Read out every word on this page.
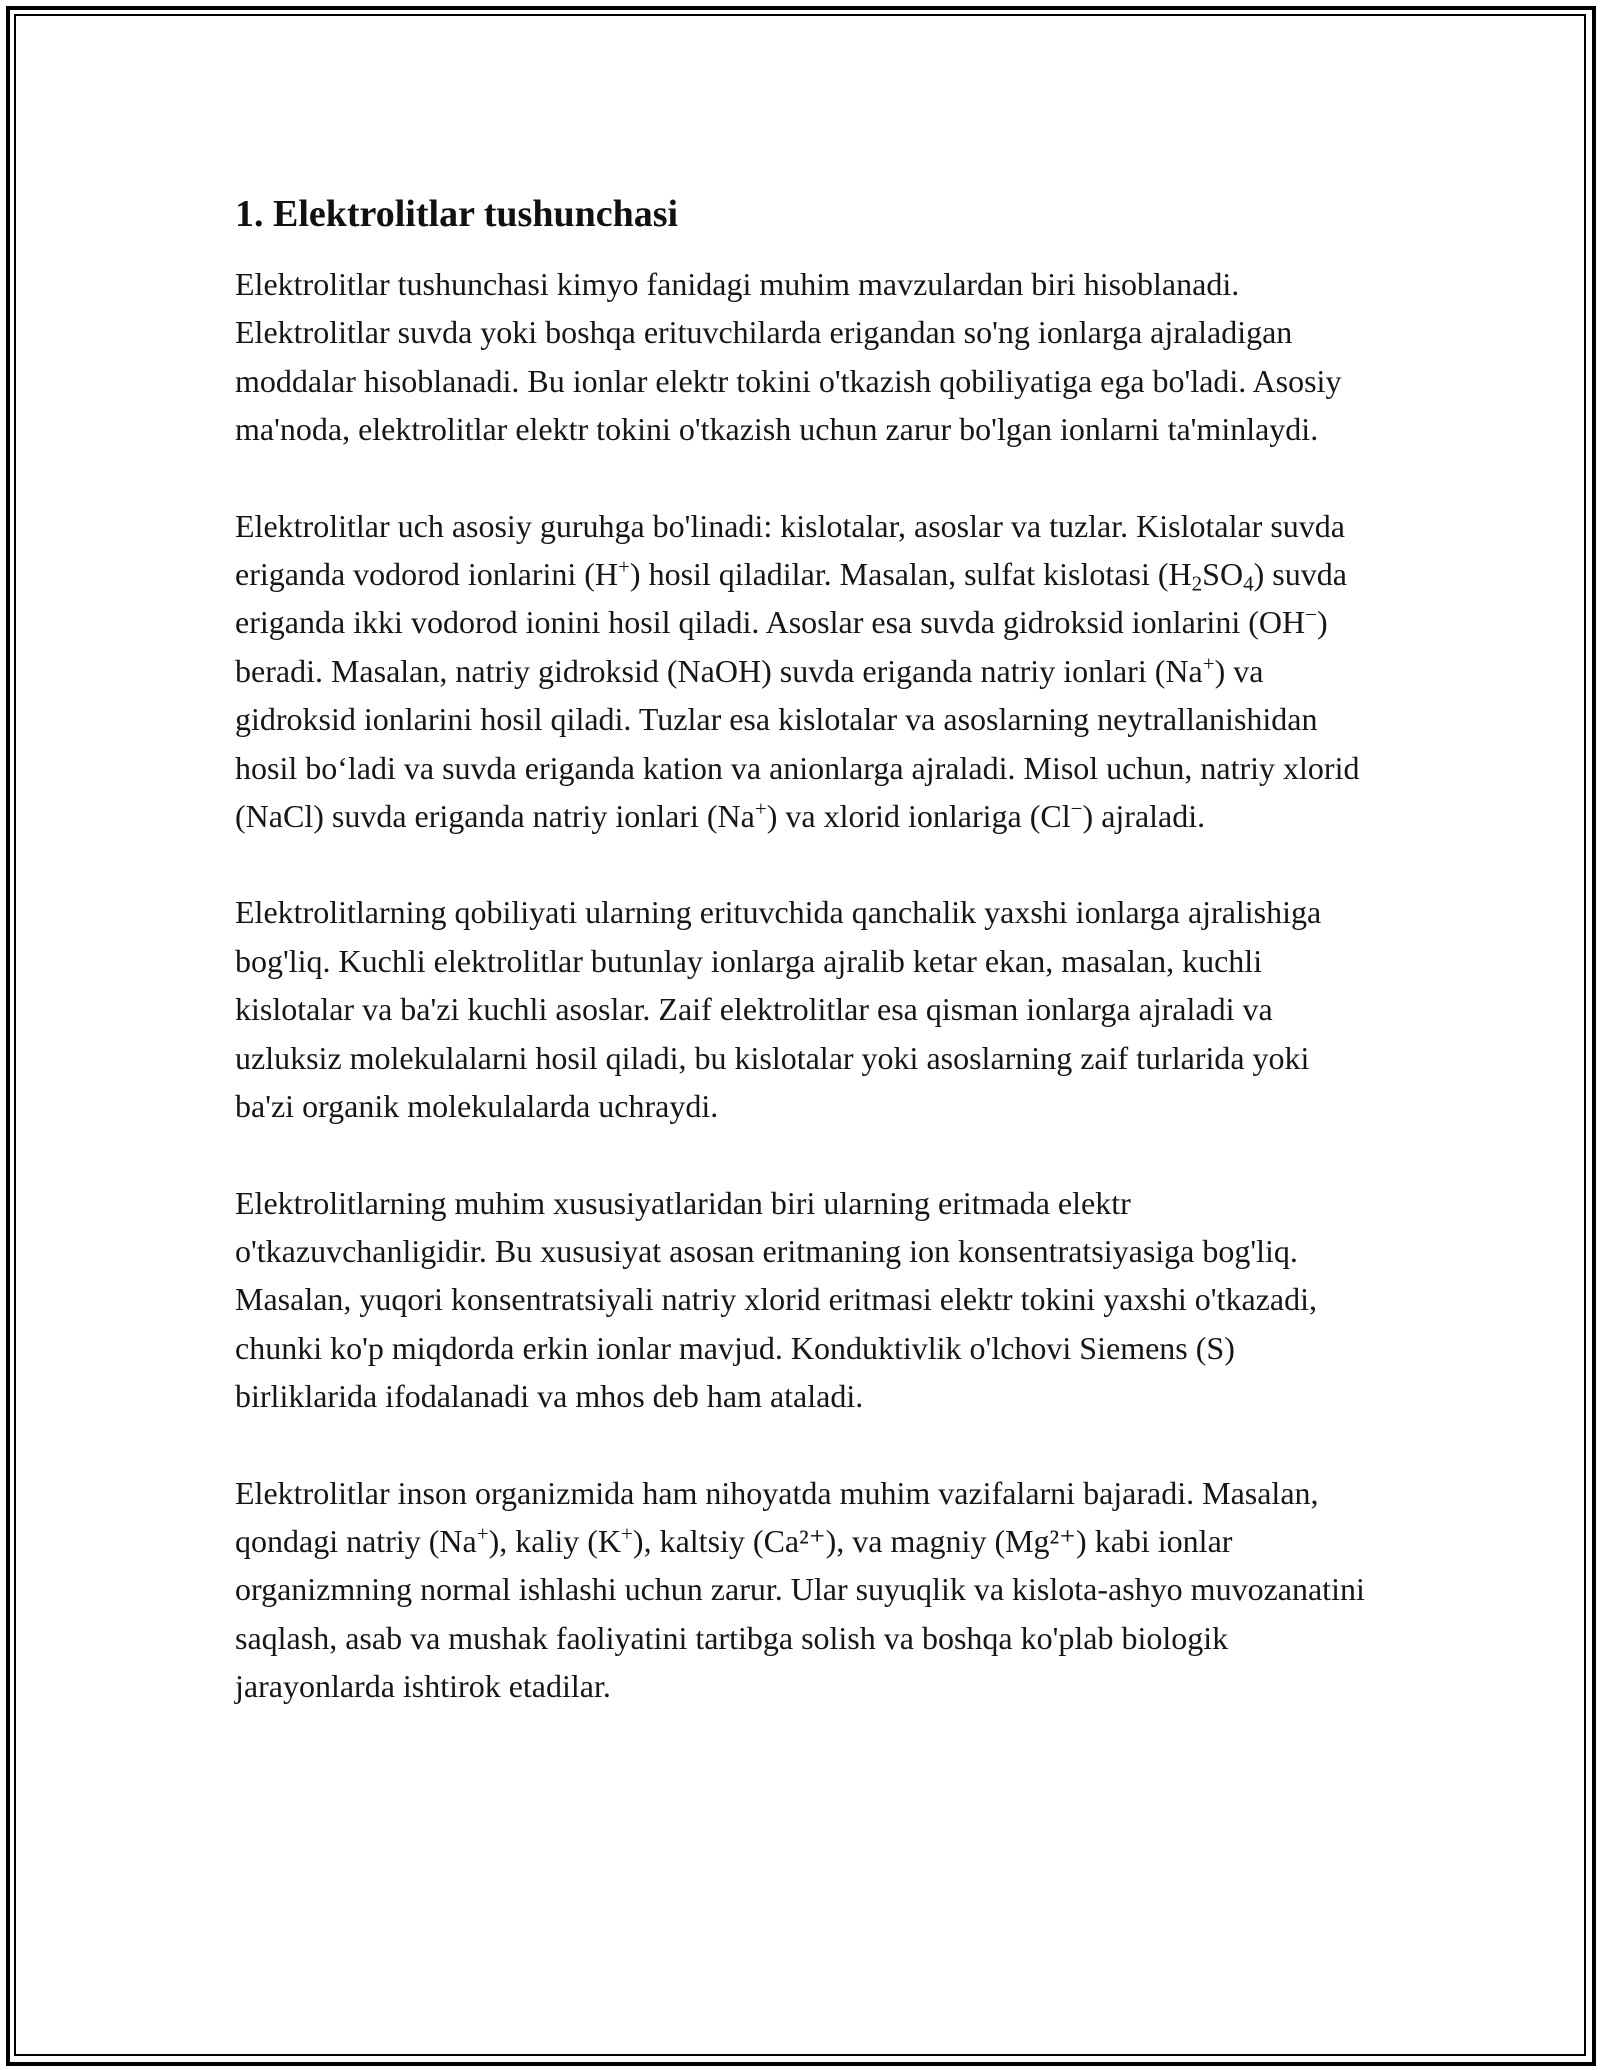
1. Elektrolitlar tushunchasi

Elektrolitlar tushunchasi kimyo fanidagi muhim mavzulardan biri hisoblanadi. Elektrolitlar suvda yoki boshqa erituvchilarda erigandan so'ng ionlarga ajraladigan moddalar hisoblanadi. Bu ionlar elektr tokini o'tkazish qobiliyatiga ega bo'ladi. Asosiy ma'noda, elektrolitlar elektr tokini o'tkazish uchun zarur bo'lgan ionlarni ta'minlaydi.

Elektrolitlar uch asosiy guruhga bo'linadi: kislotalar, asoslar va tuzlar. Kislotalar suvda eriganda vodorod ionlarini (H+) hosil qiladilar. Masalan, sulfat kislotasi $(H_2SO_4)$ suvda eriganda ikki vodorod ionini hosil qiladi. Asoslar esa suvda gidroksid ionlarini (OH−) beradi. Masalan, natriy gidroksid (NaOH) suvda eriganda natriy ionlari (Na+) va gidroksid ionlarini hosil qiladi. Tuzlar esa kislotalar va asoslarning neytrallanishidan hosil bo‘ladi va suvda eriganda kation va anionlarga ajraladi. Misol uchun, natriy xlorid (NaCl) suvda eriganda natriy ionlari (Na+) va xlorid ionlariga (Cl−) ajraladi.

Elektrolitlarning qobiliyati ularning erituvchida qanchalik yaxshi ionlarga ajralishiga bog'liq. Kuchli elektrolitlar butunlay ionlarga ajralib ketar ekan, masalan, kuchli kislotalar va ba'zi kuchli asoslar. Zaif elektrolitlar esa qisman ionlarga ajraladi va uzluksiz molekulalarni hosil qiladi, bu kislotalar yoki asoslarning zaif turlarida yoki ba'zi organik molekulalarda uchraydi.

Elektrolitlarning muhim xususiyatlaridan biri ularning eritmada elektr o'tkazuvchanligidir. Bu xususiyat asosan eritmaning ion konsentratsiyasiga bog'liq. Masalan, yuqori konsentratsiyali natriy xlorid eritmasi elektr tokini yaxshi o'tkazadi, chunki ko'p miqdorda erkin ionlar mavjud. Konduktivlik o'lchovi Siemens (S) birliklarida ifodalanadi va mhos deb ham ataladi.

Elektrolitlar inson organizmida ham nihoyatda muhim vazifalarni bajaradi. Masalan, qondagi natriy (Na+), kaliy (K+), kaltsiy (Ca²⁺), va magniy (Mg²⁺) kabi ionlar organizmning normal ishlashi uchun zarur. Ular suyuqlik va kislota-ashyo muvozanatini saqlash, asab va mushak faoliyatini tartibga solish va boshqa ko'plab biologik jarayonlarda ishtirok etadilar.
